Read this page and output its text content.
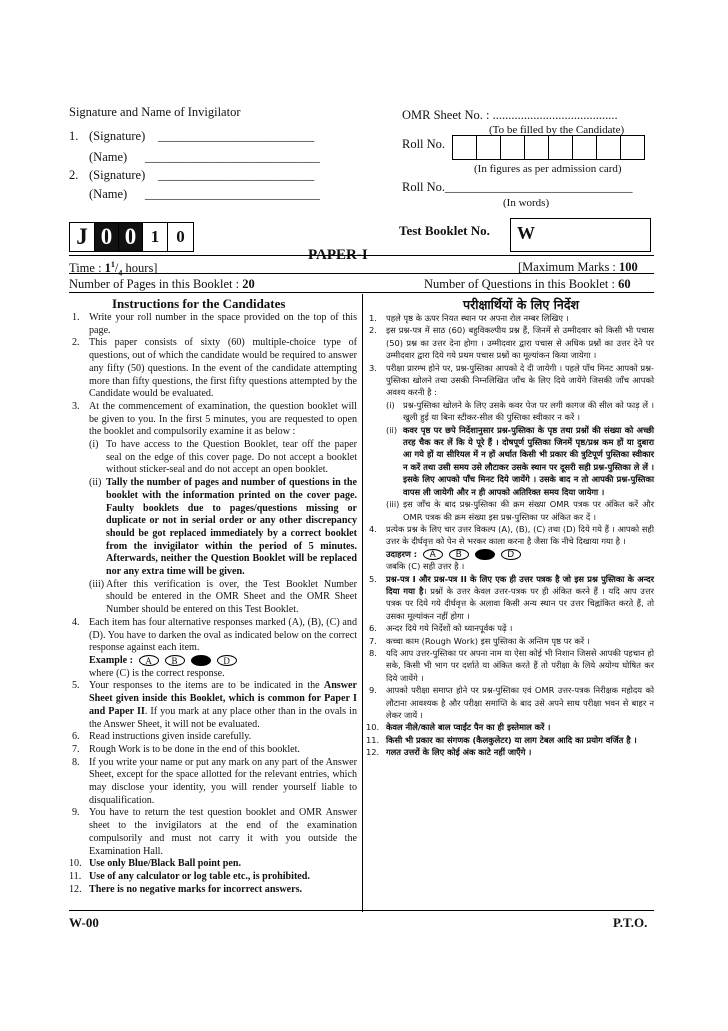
Signature and Name of Invigilator
1. (Signature) _________________________
(Name) ____________________________
2. (Signature) _________________________
(Name) ____________________________
OMR Sheet No. : ........................................
(To be filled by the Candidate)
Roll No.
(In figures as per admission card)
Roll No.______________________________
(In words)
J 0 0 1	0	Test Booklet No.	W
PAPER-I
Time : $1^1/_4$ hours]	[Maximum Marks : 100
Number of Pages in this Booklet : 20	Number of Questions in this Booklet : 60
Instructions for the Candidates

1. Write your roll number in the space provided on the top of this page.

2. This paper consists of sixty (60) multiple-choice type of questions, out of which the candidate would be required to answer any fifty (50) questions. In the event of the candidate attempting more than fifty questions, the first fifty questions attempted by the Candidate would be evaluated.

3. At the commencement of examination, the question booklet will be given to you. In the first 5 minutes, you are requested to open the booklet and compulsorily examine it as below :

(i) To have access to the Question Booklet, tear off the paper seal on the edge of this cover page. Do not accept a booklet without sticker-seal and do not accept an open booklet.

(ii) Tally the number of pages and number of questions in the booklet with the information printed on the cover page. Faulty booklets due to pages/questions missing or duplicate or not in serial order or any other discrepancy should be got replaced immediately by a correct booklet from the invigilator within the period of 5 minutes. Afterwards, neither the Question Booklet will be replaced nor any extra time will be given.

(iii) After this verification is over, the Test Booklet Number should be entered in the OMR Sheet and the OMR Sheet Number should be entered on this Test Booklet.

4. Each item has four alternative responses marked (A), (B), (C) and (D). You have to darken the oval as indicated below on the correct response against each item.

Example : A B	D

where (C) is the correct response.

5. Your responses to the items are to be indicated in the Answer Sheet given inside this Booklet, which is common for Paper I and Paper II. If you mark at any place other than in the ovals in the Answer Sheet, it will not be evaluated.

6. Read instructions given inside carefully.

7. Rough Work is to be done in the end of this booklet.

8. If you write your name or put any mark on any part of the Answer Sheet, except for the space allotted for the relevant entries, which may disclose your identity, you will render yourself liable to disqualification.

9. You have to return the test question booklet and OMR Answer sheet to the invigilators at the end of the examination compulsorily and must not carry it with you outside the Examination Hall.

10. Use only Blue/Black Ball point pen.

11. Use of any calculator or log table etc., is prohibited.

12. There is no negative marks for incorrect answers.

परीक्षार्थियों के लिए निर्देश

1. पहले पृष्ठ के ऊपर नियत स्थान पर अपना रोल नम्बर लिखिए ।

2. इस प्रश्न-पत्र में साठ (60) बहुविकल्पीय प्रश्न हैं, जिनमें से उम्मीदवार को किसी भी पचास (50) प्रश्न का उत्तर देना होगा । उम्मीदवार द्वारा पचास से अधिक प्रश्नों का उत्तर देने पर उम्मीदवार द्वारा दिये गये प्रथम पचास प्रश्नों का मूल्यांकन किया जायेगा ।

3. परीक्षा प्रारम्भ होने पर, प्रश्न-पुस्तिका आपको दे दी जायेगी । पहले पाँच मिनट आपको प्रश्न-पुस्तिका खोलने तथा उसकी निम्नलिखित जाँच के लिए दिये जायेंगे जिसकी जाँच आपको अवश्य करनी है :

(i) प्रश्न-पुस्तिका खोलने के लिए उसके कवर पेज पर लगी कागज की सील को फाड़ लें । खुली हुई या बिना स्टीकर-सील की पुस्तिका स्वीकार न करें ।

(ii) कवर पृष्ठ पर छपे निर्देशानुसार प्रश्न-पुस्तिका के पृष्ठ तथा प्रश्नों की संख्या को अच्छी तरह चैक कर लें कि ये पूरे हैं । दोषपूर्ण पुस्तिका जिनमें पृष्ठ/प्रश्न कम हों या दुबारा आ गये हों या सीरियल में न हों अर्थात किसी भी प्रकार की त्रुटिपूर्ण पुस्तिका स्वीकार न करें तथा उसी समय उसे लौटाकर उसके स्थान पर दूसरी सही प्रश्न-पुस्तिका ले लें । इसके लिए आपको पाँच मिनट दिये जायेंगे । उसके बाद न तो आपकी प्रश्न-पुस्तिका वापस ली जायेगी और न ही आपको अतिरिक्त समय दिया जायेगा ।

(iii) इस जाँच के बाद प्रश्न-पुस्तिका की क्रम संख्या OMR पत्रक पर अंकित करें और OMR पत्रक की क्रम संख्या इस प्रश्न-पुस्तिका पर अंकित कर दें ।

4. प्रत्येक प्रश्न के लिए चार उत्तर विकल्प (A), (B), (C) तथा (D) दिये गये हैं । आपको सही उत्तर के दीर्घवृत्त को पेन से भरकर काला करना है जैसा कि नीचे दिखाया गया है ।

उदाहरण : A B	D

जबकि (C) सही उत्तर है ।

5. प्रश्न-पत्र I और प्रश्न-पत्र II के लिए एक ही उत्तर पत्रक है जो इस प्रश्न पुस्तिका के अन्दर दिया गया है। प्रश्नों के उत्तर केवल उत्तर-पत्रक पर ही अंकित करने हैं । यदि आप उत्तर पत्रक पर दिये गये दीर्घवृत्त के अलावा किसी अन्य स्थान पर उत्तर चिह्नांकित करते हैं, तो उसका मूल्यांकन नहीं होगा ।

6. अन्दर दिये गये निर्देशों को ध्यानपूर्वक पढ़ें ।

7. कच्चा काम (Rough Work) इस पुस्तिका के अन्तिम पृष्ठ पर करें ।

8. यदि आप उत्तर-पुस्तिका पर अपना नाम या ऐसा कोई भी निशान जिससे आपकी पहचान हो सके, किसी भी भाग पर दर्शाते या अंकित करते हैं तो परीक्षा के लिये अयोग्य घोषित कर दिये जायेंगे ।

9. आपको परीक्षा समाप्त होने पर प्रश्न-पुस्तिका एवं OMR उत्तर-पत्रक निरीक्षक महोदय को लौटाना आवश्यक है और परीक्षा समाप्ति के बाद उसे अपने साथ परीक्षा भवन से बाहर न लेकर जायें ।

10. केवल नीले/काले बाल प्वाईंट पैन का ही इस्तेमाल करें ।

11. किसी भी प्रकार का संगणक (कैलकुलेटर) या लाग टेबल आदि का प्रयोग वर्जित है ।

12. गलत उत्तरों के लिए कोई अंक काटे नहीं जाएँगे ।

W-00	P.T.O.
